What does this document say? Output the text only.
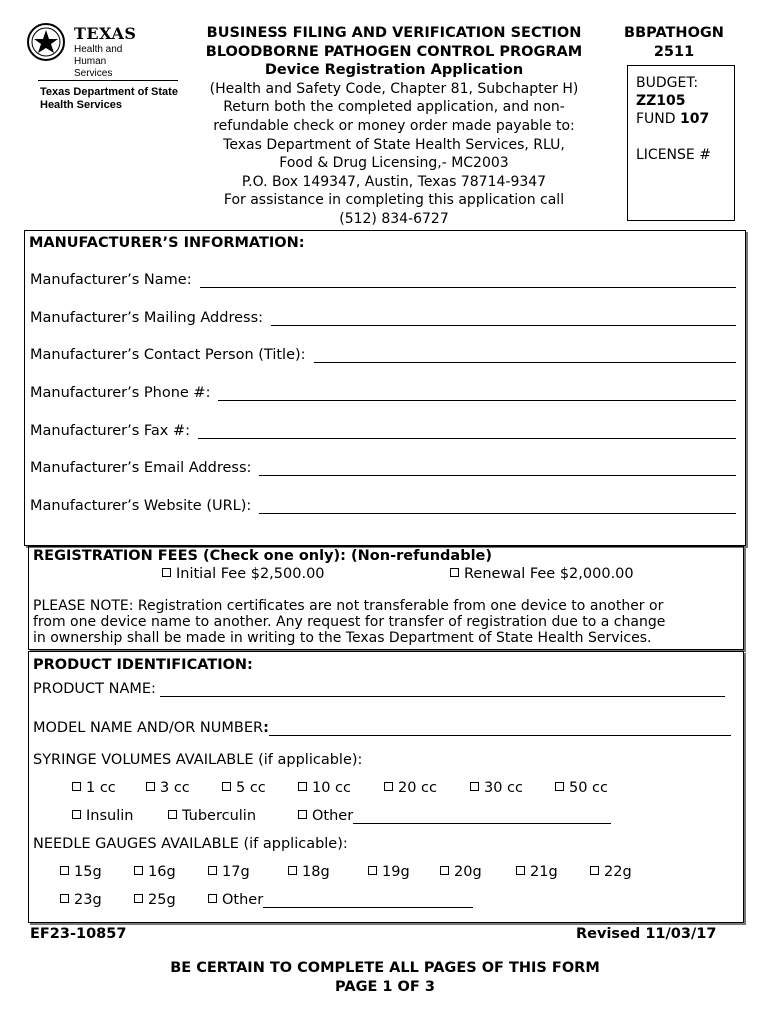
TEXAS
Health and Human
Services
Texas Department of State
Health Services
BUSINESS FILING AND VERIFICATION SECTION
BLOODBORNE PATHOGEN CONTROL PROGRAM
Device Registration Application
(Health and Safety Code, Chapter 81, Subchapter H)
Return both the completed application, and non-
refundable check or money order made payable to:
Texas Department of State Health Services, RLU,
Food & Drug Licensing,- MC2003
P.O. Box 149347, Austin, Texas 78714-9347
For assistance in completing this application call
(512) 834-6727
BBPATHOGN
2511
BUDGET:
ZZ105
FUND 107
LICENSE #
MANUFACTURER’S INFORMATION:
Manufacturer’s Name:
Manufacturer’s Mailing Address:
Manufacturer’s Contact Person (Title):
Manufacturer’s Phone #:
Manufacturer’s Fax #:
Manufacturer’s Email Address:
Manufacturer’s Website (URL):
REGISTRATION FEES (Check one only): (Non-refundable)
Initial Fee $2,500.00	Renewal Fee $2,000.00
PLEASE NOTE: Registration certificates are not transferable from one device to another or
from one device name to another. Any request for transfer of registration due to a change
in ownership shall be made in writing to the Texas Department of State Health Services.
PRODUCT IDENTIFICATION:
PRODUCT NAME:
MODEL NAME AND/OR NUMBER:
SYRINGE VOLUMES AVAILABLE (if applicable):
1 cc	3 cc	5 cc	10 cc	20 cc	30 cc	50 cc
Insulin	Tuberculin	Other
NEEDLE GAUGES AVAILABLE (if applicable):
15g	16g	17g	18g	19g	20g	21g	22g
23g	25g	Other
EF23-10857	Revised 11/03/17
BE CERTAIN TO COMPLETE ALL PAGES OF THIS FORM
PAGE 1 OF 3
